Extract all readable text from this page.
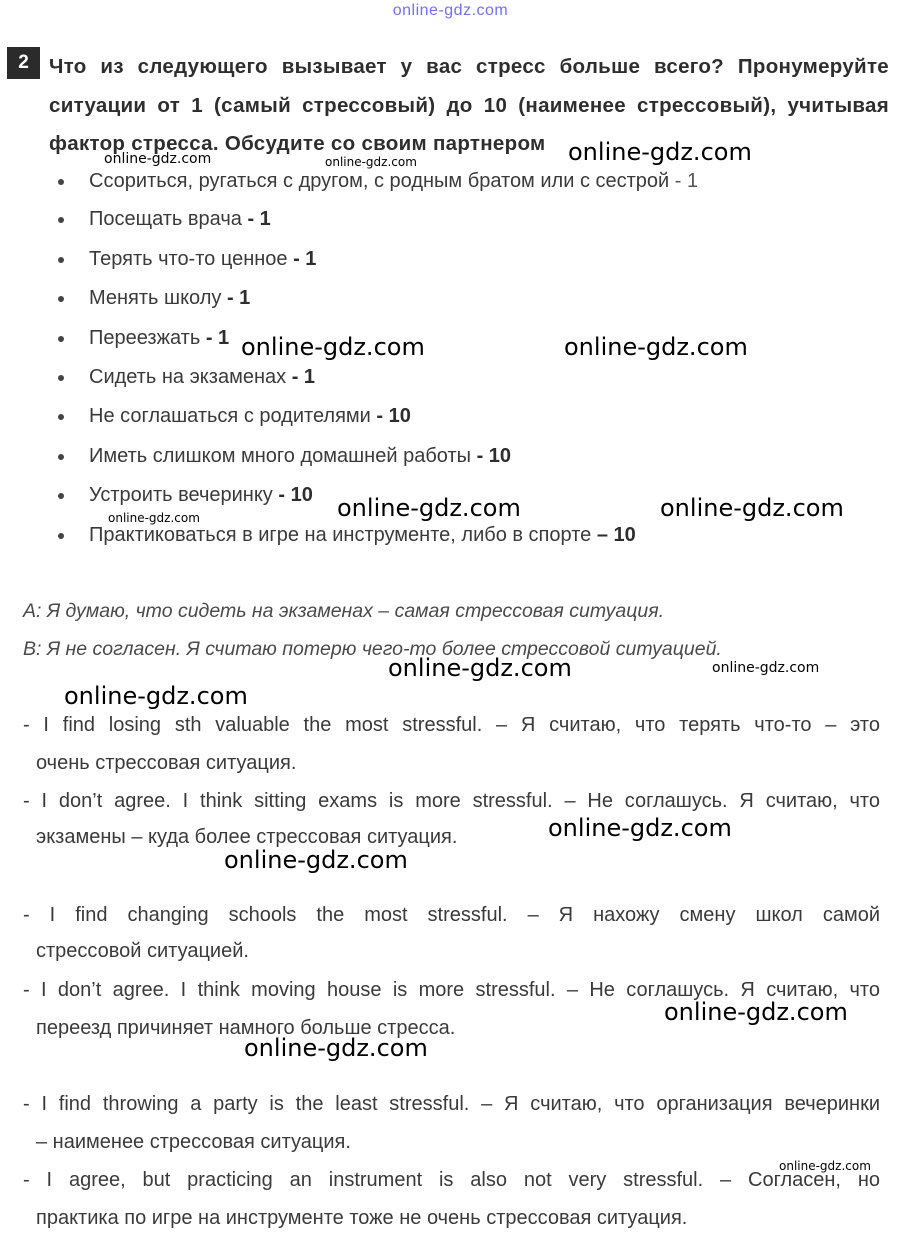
online-gdz.com
2 Что из следующего вызывает у вас стресс больше всего? Пронумеруйте ситуации от 1 (самый стрессовый) до 10 (наименее стрессовый), учитывая фактор стресса. Обсудите со своим партнером
Ссориться, ругаться с другом, с родным братом или с сестрой - 1
Посещать врача - 1
Терять что-то ценное - 1
Менять школу - 1
Переезжать - 1
Сидеть на экзаменах - 1
Не соглашаться с родителями - 10
Иметь слишком много домашней работы - 10
Устроить вечеринку - 10
Практиковаться в игре на инструменте, либо в спорте – 10
A: Я думаю, что сидеть на экзаменах – самая стрессовая ситуация.
B: Я не согласен. Я считаю потерю чего-то более стрессовой ситуацией.
- I find losing sth valuable the most stressful. – Я считаю, что терять что-то – это
очень стрессовая ситуация.
- I don’t agree. I think sitting exams is more stressful. – Не соглашусь. Я считаю, что
экзамены – куда более стрессовая ситуация.
- I find changing schools the most stressful. – Я нахожу смену школ самой
стрессовой ситуацией.
- I don’t agree. I think moving house is more stressful. – Не соглашусь. Я считаю, что
переезд причиняет намного больше стресса.
- I find throwing a party is the least stressful. – Я считаю, что организация вечеринки
– наименее стрессовая ситуация.
- I agree, but practicing an instrument is also not very stressful. – Согласен, но
практика по игре на инструменте тоже не очень стрессовая ситуация.
online-gdz.com
online-gdz.com	online-gdz.com
online-gdz.com	online-gdz.com
online-gdz.com	online-gdz.com
online-gdz.com
online-gdz.com	online-gdz.com
online-gdz.com
online-gdz.com
online-gdz.com
online-gdz.com
online-gdz.com
online-gdz.com
